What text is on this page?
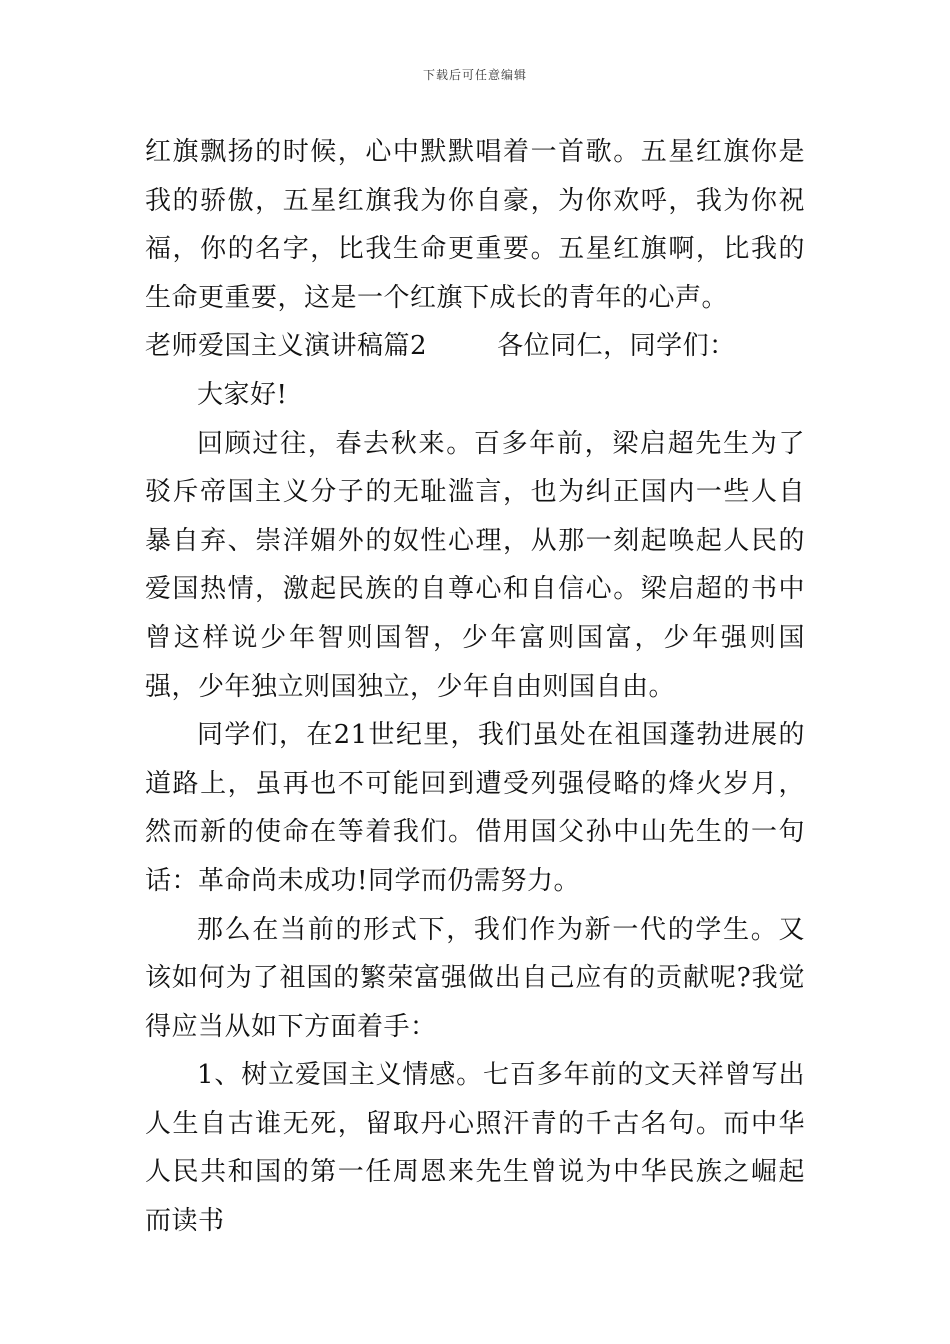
下载后可任意编辑

红旗飘扬的时候，心中默默唱着一首歌。五星红旗你是我的骄傲，五星红旗我为你自豪，为你欢呼，我为你祝福，你的名字，比我生命更重要。五星红旗啊，比我的生命更重要，这是一个红旗下成长的青年的心声。

老师爱国主义演讲稿篇2        各位同仁，同学们：

大家好!

回顾过往，春去秋来。百多年前，梁启超先生为了驳斥帝国主义分子的无耻滥言，也为纠正国内一些人自暴自弃、崇洋媚外的奴性心理，从那一刻起唤起人民的爱国热情，激起民族的自尊心和自信心。梁启超的书中曾这样说少年智则国智，少年富则国富，少年强则国强，少年独立则国独立，少年自由则国自由。

同学们，在21世纪里，我们虽处在祖国蓬勃进展的道路上，虽再也不可能回到遭受列强侵略的烽火岁月，然而新的使命在等着我们。借用国父孙中山先生的一句话：革命尚未成功!同学而仍需努力。

那么在当前的形式下，我们作为新一代的学生。又该如何为了祖国的繁荣富强做出自己应有的贡献呢?我觉得应当从如下方面着手：

1、树立爱国主义情感。七百多年前的文天祥曾写出人生自古谁无死，留取丹心照汗青的千古名句。而中华人民共和国的第一任周恩来先生曾说为中华民族之崛起而读书
